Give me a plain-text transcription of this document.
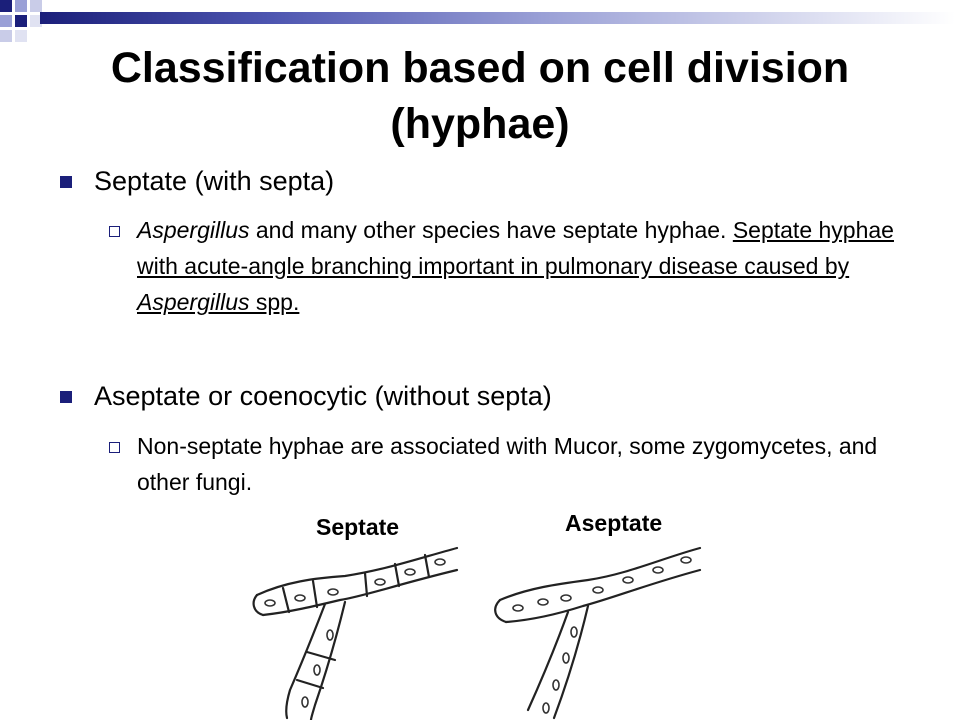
Classification based on cell division
(hyphae)
Septate (with septa)
Aspergillus and many other species have septate hyphae. Septate hyphae with acute-angle branching important in pulmonary disease caused by Aspergillus spp.
Aseptate or coenocytic (without septa)
Non-septate hyphae are associated with Mucor, some zygomycetes, and other fungi.
Septate	Aseptate
